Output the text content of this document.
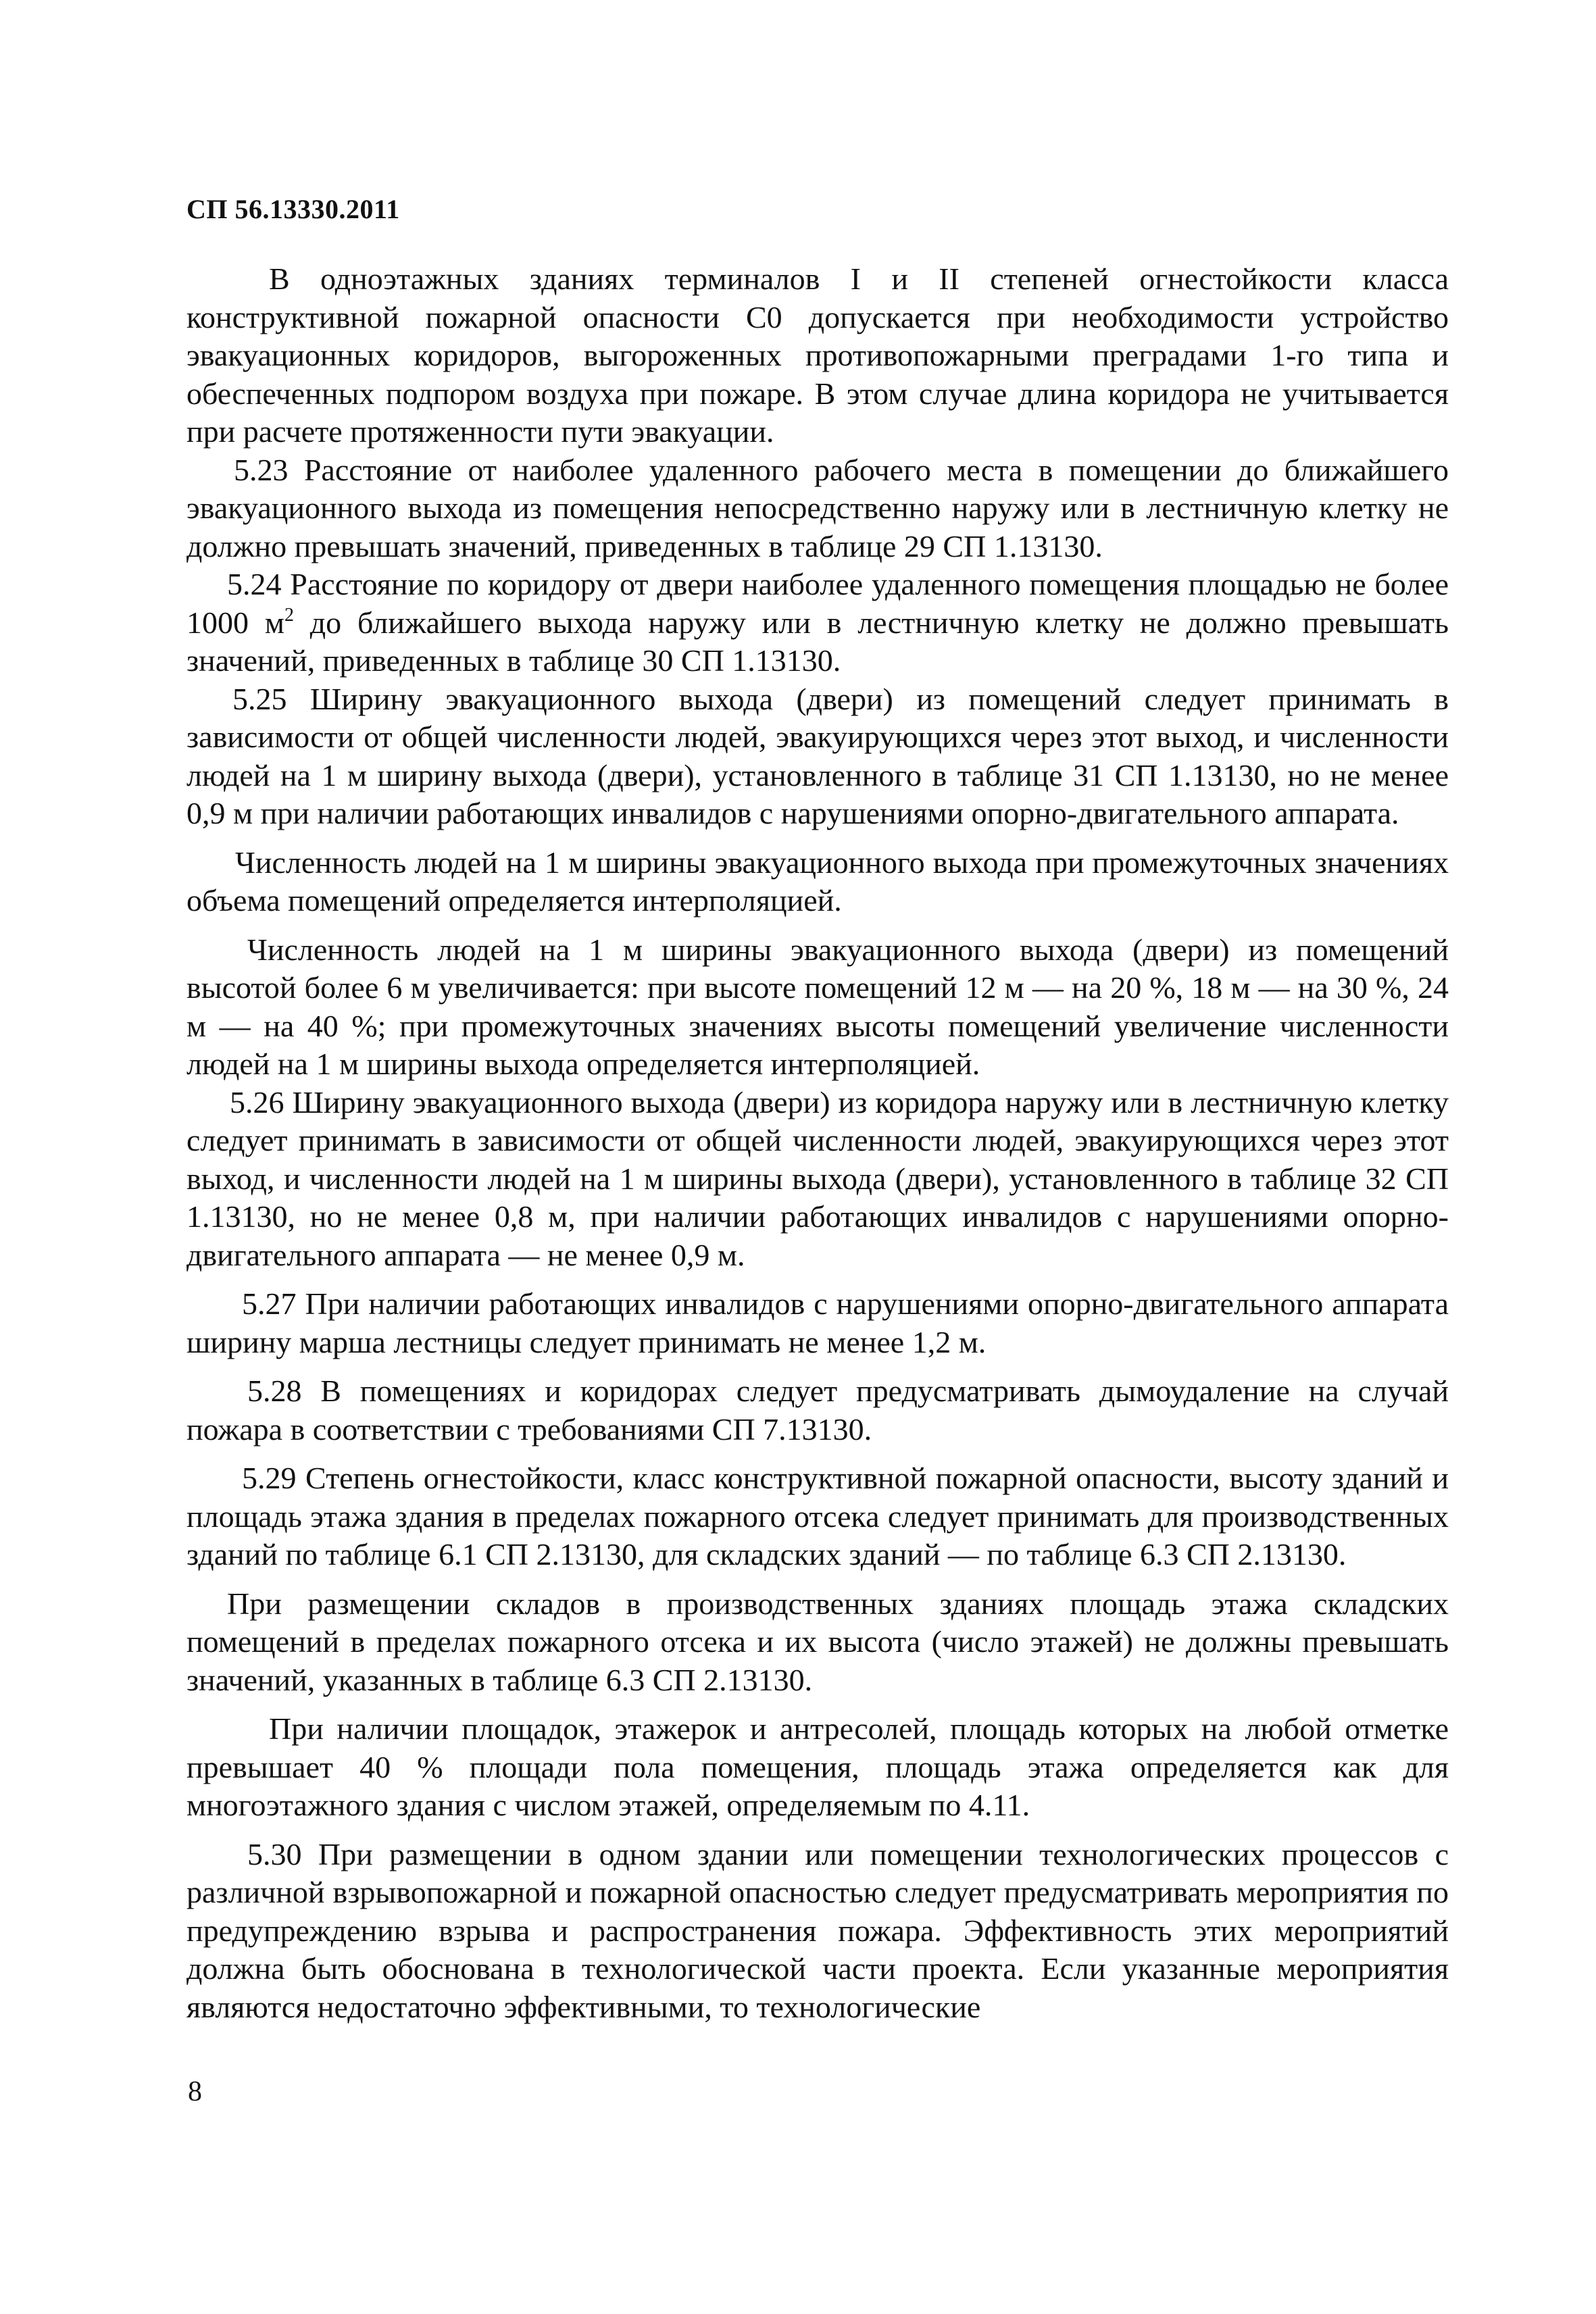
СП 56.13330.2011

В одноэтажных зданиях терминалов I и II степеней огнестойкости класса конструктивной пожарной опасности С0 допускается при необходимости устройство эвакуационных коридоров, выгороженных противопожарными преградами 1-го типа и обеспеченных подпором воздуха при пожаре. В этом случае длина коридора не учитывается при расчете протяженности пути эвакуации.

5.23 Расстояние от наиболее удаленного рабочего места в помещении до ближайшего эвакуационного выхода из помещения непосредственно наружу или в лестничную клетку не должно превышать значений, приведенных в таблице 29 СП 1.13130.

5.24 Расстояние по коридору от двери наиболее удаленного помещения площадью не более 1000 $м^2$ до ближайшего выхода наружу или в лестничную клетку не должно превышать значений, приведенных в таблице 30 СП 1.13130.

5.25 Ширину эвакуационного выхода (двери) из помещений следует принимать в зависимости от общей численности людей, эвакуирующихся через этот выход, и численности людей на 1 м ширину выхода (двери), установленного в таблице 31 СП 1.13130, но не менее 0,9 м при наличии работающих инвалидов с нарушениями опорно-двигательного аппарата.

Численность людей на 1 м ширины эвакуационного выхода при промежуточных значениях объема помещений определяется интерполяцией.

Численность людей на 1 м ширины эвакуационного выхода (двери) из помещений высотой более 6 м увеличивается: при высоте помещений 12 м — на 20 %, 18 м — на 30 %, 24 м — на 40 %; при промежуточных значениях высоты помещений увеличение численности людей на 1 м ширины выхода определяется интерполяцией.

5.26 Ширину эвакуационного выхода (двери) из коридора наружу или в лестничную клетку следует принимать в зависимости от общей численности людей, эвакуирующихся через этот выход, и численности людей на 1 м ширины выхода (двери), установленного в таблице 32 СП 1.13130, но не менее 0,8 м, при наличии работающих инвалидов с нарушениями опорно-двигательного аппарата — не менее 0,9 м.

5.27 При наличии работающих инвалидов с нарушениями опорно-двигательного аппарата ширину марша лестницы следует принимать не менее 1,2 м.

5.28 В помещениях и коридорах следует предусматривать дымоудаление на случай пожара в соответствии с требованиями СП 7.13130.

5.29 Степень огнестойкости, класс конструктивной пожарной опасности, высоту зданий и площадь этажа здания в пределах пожарного отсека следует принимать для производственных зданий по таблице 6.1 СП 2.13130, для складских зданий — по таблице 6.3 СП 2.13130.

При размещении складов в производственных зданиях площадь этажа складских помещений в пределах пожарного отсека и их высота (число этажей) не должны превышать значений, указанных в таблице 6.3 СП 2.13130.

При наличии площадок, этажерок и антресолей, площадь которых на любой отметке превышает 40 % площади пола помещения, площадь этажа определяется как для многоэтажного здания с числом этажей, определяемым по 4.11.

5.30 При размещении в одном здании или помещении технологических процессов с различной взрывопожарной и пожарной опасностью следует предусматривать мероприятия по предупреждению взрыва и распространения пожара. Эффективность этих мероприятий должна быть обоснована в технологической части проекта. Если указанные мероприятия являются недостаточно эффективными, то технологические

8
